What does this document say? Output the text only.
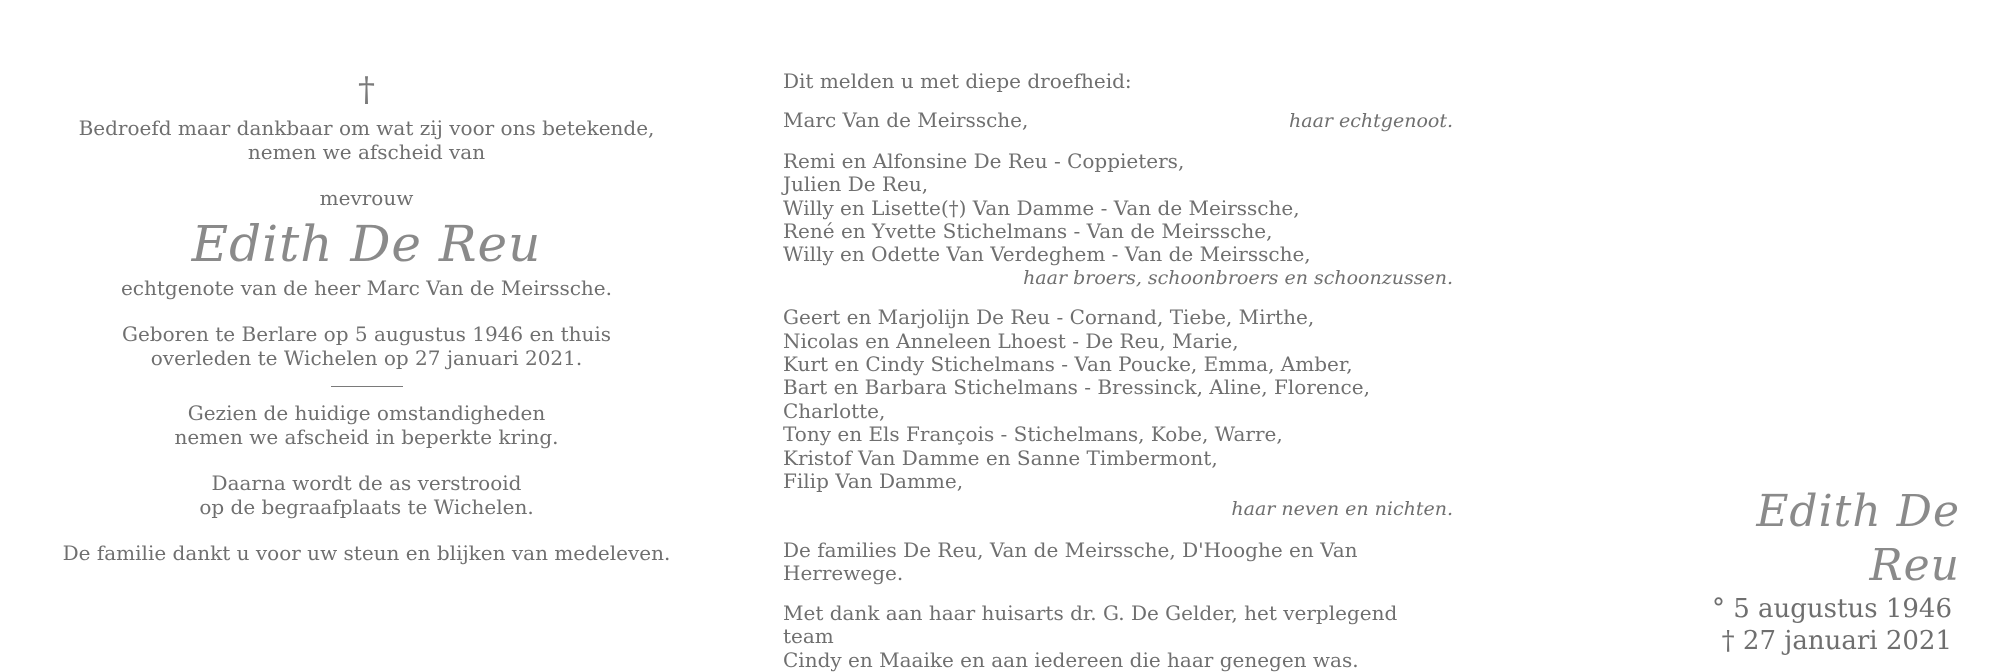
†

Bedroefd maar dankbaar om wat zij voor ons betekende,

nemen we afscheid van

mevrouw

Edith De Reu

echtgenote van de heer Marc Van de Meirssche.

Geboren te Berlare op 5 augustus 1946 en thuis

overleden te Wichelen op 27 januari 2021.

Gezien de huidige omstandigheden

nemen we afscheid in beperkte kring.

Daarna wordt de as verstrooid

op de begraafplaats te Wichelen.

De familie dankt u voor uw steun en blijken van medeleven.

Dit melden u met diepe droefheid:

Marc Van de Meirssche,	haar echtgenoot.

Remi en Alfonsine De Reu - Coppieters,

Julien De Reu,

Willy en Lisette(†) Van Damme - Van de Meirssche,

René en Yvette Stichelmans - Van de Meirssche,

Willy en Odette Van Verdeghem - Van de Meirssche,

haar broers, schoonbroers en schoonzussen.

Geert en Marjolijn De Reu - Cornand, Tiebe, Mirthe,

Nicolas en Anneleen Lhoest - De Reu, Marie,

Kurt en Cindy Stichelmans - Van Poucke, Emma, Amber,

Bart en Barbara Stichelmans - Bressinck, Aline, Florence, Charlotte,

Tony en Els François - Stichelmans, Kobe, Warre,

Kristof Van Damme en Sanne Timbermont,

Filip Van Damme,

haar neven en nichten.

De families De Reu, Van de Meirssche, D'Hooghe en Van Herrewege.

Met dank aan haar huisarts dr. G. De Gelder, het verplegend team

Cindy en Maaike en aan iedereen die haar genegen was.

Edith De Reu
° 5 augustus 1946
† 27 januari 2021
